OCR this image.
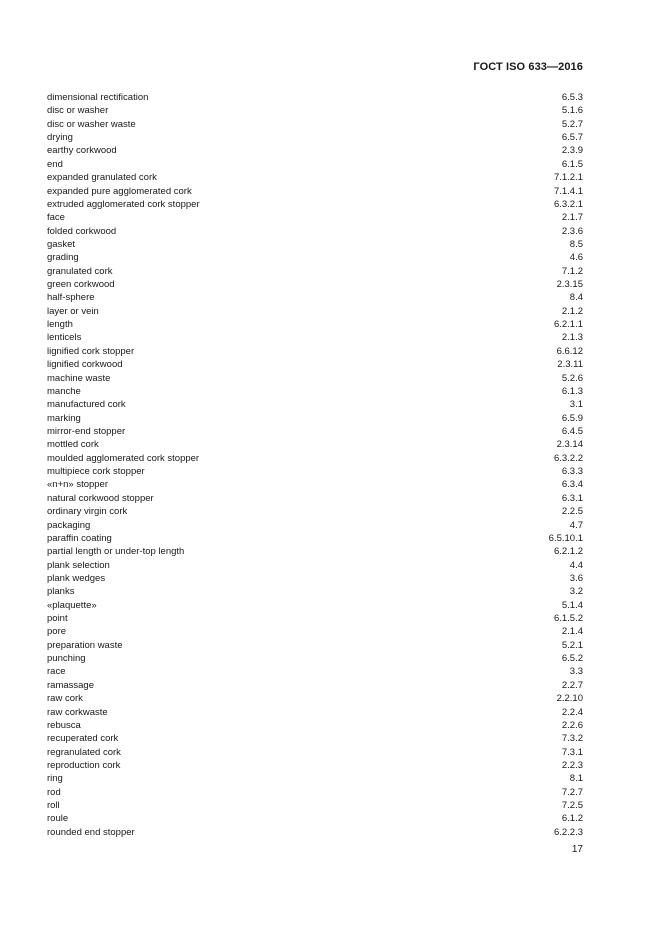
ГОСТ ISO 633—2016
dimensional rectification	6.5.3
disc or washer	5.1.6
disc or washer waste	5.2.7
drying	6.5.7
earthy corkwood	2.3.9
end	6.1.5
expanded granulated cork	7.1.2.1
expanded pure agglomerated cork	7.1.4.1
extruded agglomerated cork stopper	6.3.2.1
face	2.1.7
folded corkwood	2.3.6
gasket	8.5
grading	4.6
granulated cork	7.1.2
green corkwood	2.3.15
half-sphere	8.4
layer or vein	2.1.2
length	6.2.1.1
lenticels	2.1.3
lignified cork stopper	6.6.12
lignified corkwood	2.3.11
machine waste	5.2.6
manche	6.1.3
manufactured cork	3.1
marking	6.5.9
mirror-end stopper	6.4.5
mottled cork	2.3.14
moulded agglomerated cork stopper	6.3.2.2
multipiece cork stopper	6.3.3
«n+n» stopper	6.3.4
natural corkwood stopper	6.3.1
ordinary virgin cork	2.2.5
packaging	4.7
paraffin coating	6.5.10.1
partial length or under-top length	6.2.1.2
plank selection	4.4
plank wedges	3.6
planks	3.2
«plaquette»	5.1.4
point	6.1.5.2
pore	2.1.4
preparation waste	5.2.1
punching	6.5.2
race	3.3
ramassage	2.2.7
raw cork	2.2.10
raw corkwaste	2.2.4
rebusca	2.2.6
recuperated cork	7.3.2
regranulated cork	7.3.1
reproduction cork	2.2.3
ring	8.1
rod	7.2.7
roll	7.2.5
roule	6.1.2
rounded end stopper	6.2.2.3
17
